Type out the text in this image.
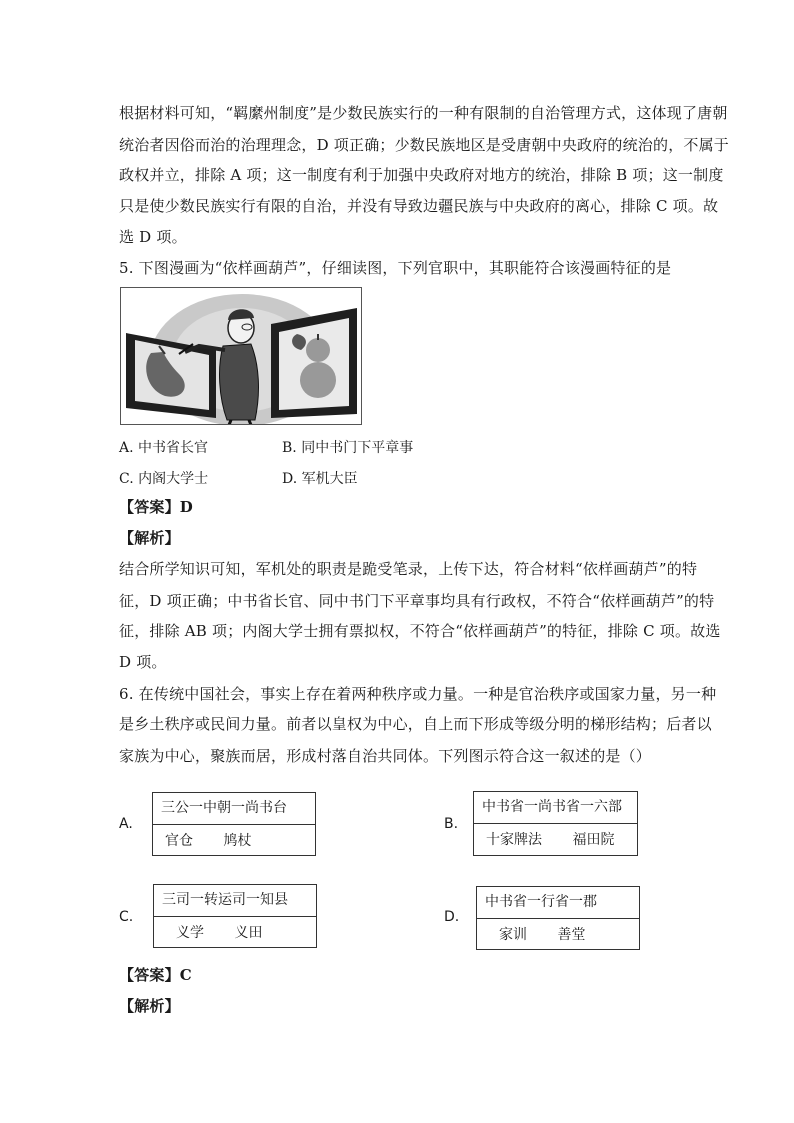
根据材料可知，“羁縻州制度”是少数民族实行的一种有限制的自治管理方式，这体现了唐朝
统治者因俗而治的治理理念，D 项正确；少数民族地区是受唐朝中央政府的统治的，不属于
政权并立，排除 A 项；这一制度有利于加强中央政府对地方的统治，排除 B 项；这一制度
只是使少数民族实行有限的自治，并没有导致边疆民族与中央政府的离心，排除 C 项。故
选 D 项。
5. 下图漫画为“依样画葫芦”，仔细读图，下列官职中，其职能符合该漫画特征的是
A. 中书省长官	B. 同中书门下平章事
C. 内阁大学士	D. 军机大臣
【答案】D
【解析】
结合所学知识可知，军机处的职责是跪受笔录，上传下达，符合材料“依样画葫芦”的特
征，D 项正确；中书省长官、同中书门下平章事均具有行政权，不符合“依样画葫芦”的特
征，排除 AB 项；内阁大学士拥有票拟权，不符合“依样画葫芦”的特征，排除 C 项。故选
D 项。
6. 在传统中国社会，事实上存在着两种秩序或力量。一种是官治秩序或国家力量，另一种
是乡土秩序或民间力量。前者以皇权为中心，自上而下形成等级分明的梯形结构；后者以
家族为中心，聚族而居，形成村落自治共同体。下列图示符合这一叙述的是（）
A.
三公一中朝一尚书台
官仓 鸠杖
B.
中书省一尚书省一六部
十家牌法 福田院
C.
三司一转运司一知县
义学 义田
D.
中书省一行省一郡
家训 善堂
【答案】C
【解析】
